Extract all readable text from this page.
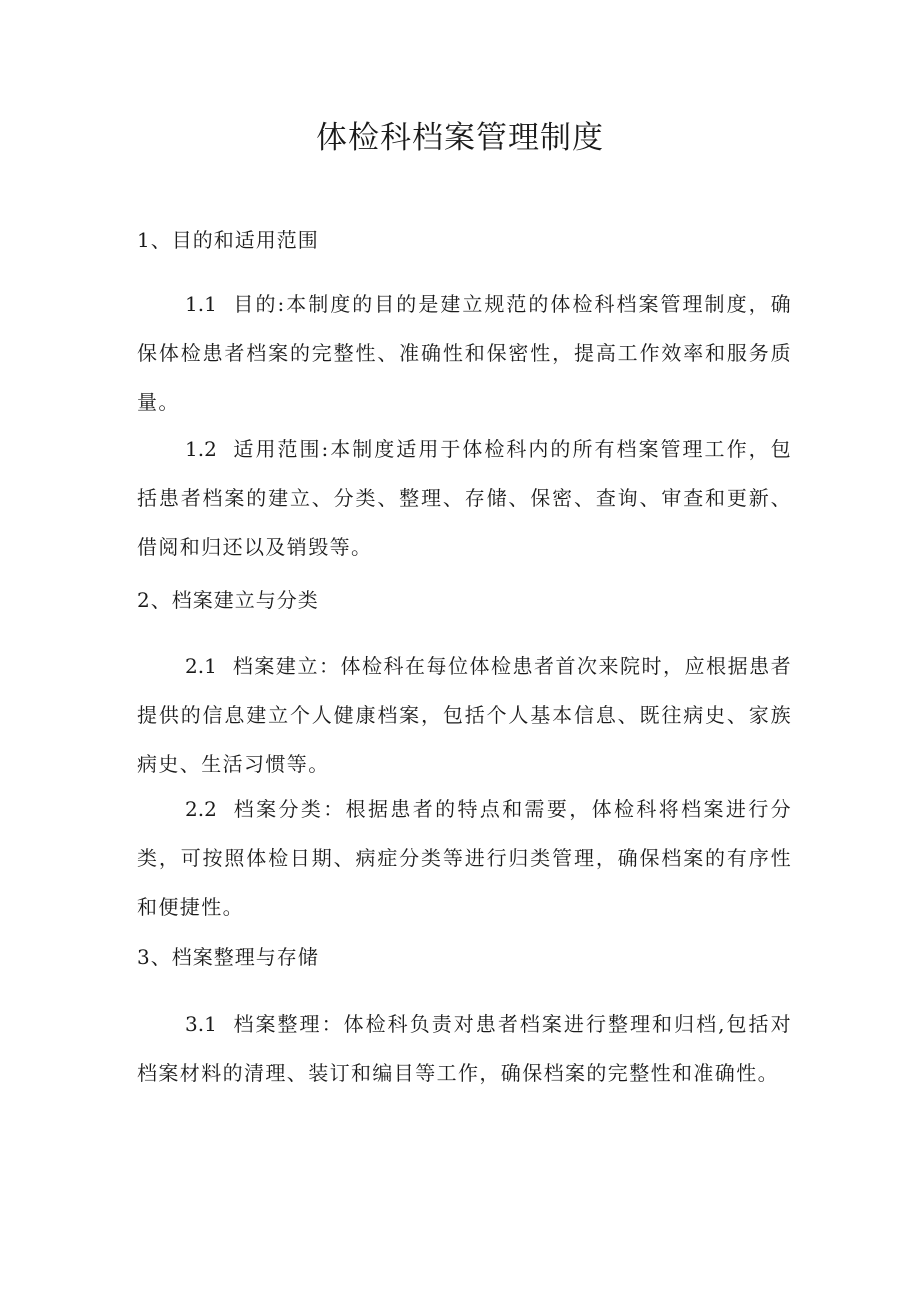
体检科档案管理制度
1、目的和适用范围

1.1 目的:本制度的目的是建立规范的体检科档案管理制度，确保体检患者档案的完整性、准确性和保密性，提高工作效率和服务质量。

1.2 适用范围:本制度适用于体检科内的所有档案管理工作，包括患者档案的建立、分类、整理、存储、保密、查询、审查和更新、借阅和归还以及销毁等。

2、档案建立与分类

2.1 档案建立：体检科在每位体检患者首次来院时，应根据患者提供的信息建立个人健康档案，包括个人基本信息、既往病史、家族病史、生活习惯等。

2.2 档案分类：根据患者的特点和需要，体检科将档案进行分类，可按照体检日期、病症分类等进行归类管理，确保档案的有序性和便捷性。

3、档案整理与存储

3.1 档案整理：体检科负责对患者档案进行整理和归档,包括对档案材料的清理、装订和编目等工作，确保档案的完整性和准确性。
